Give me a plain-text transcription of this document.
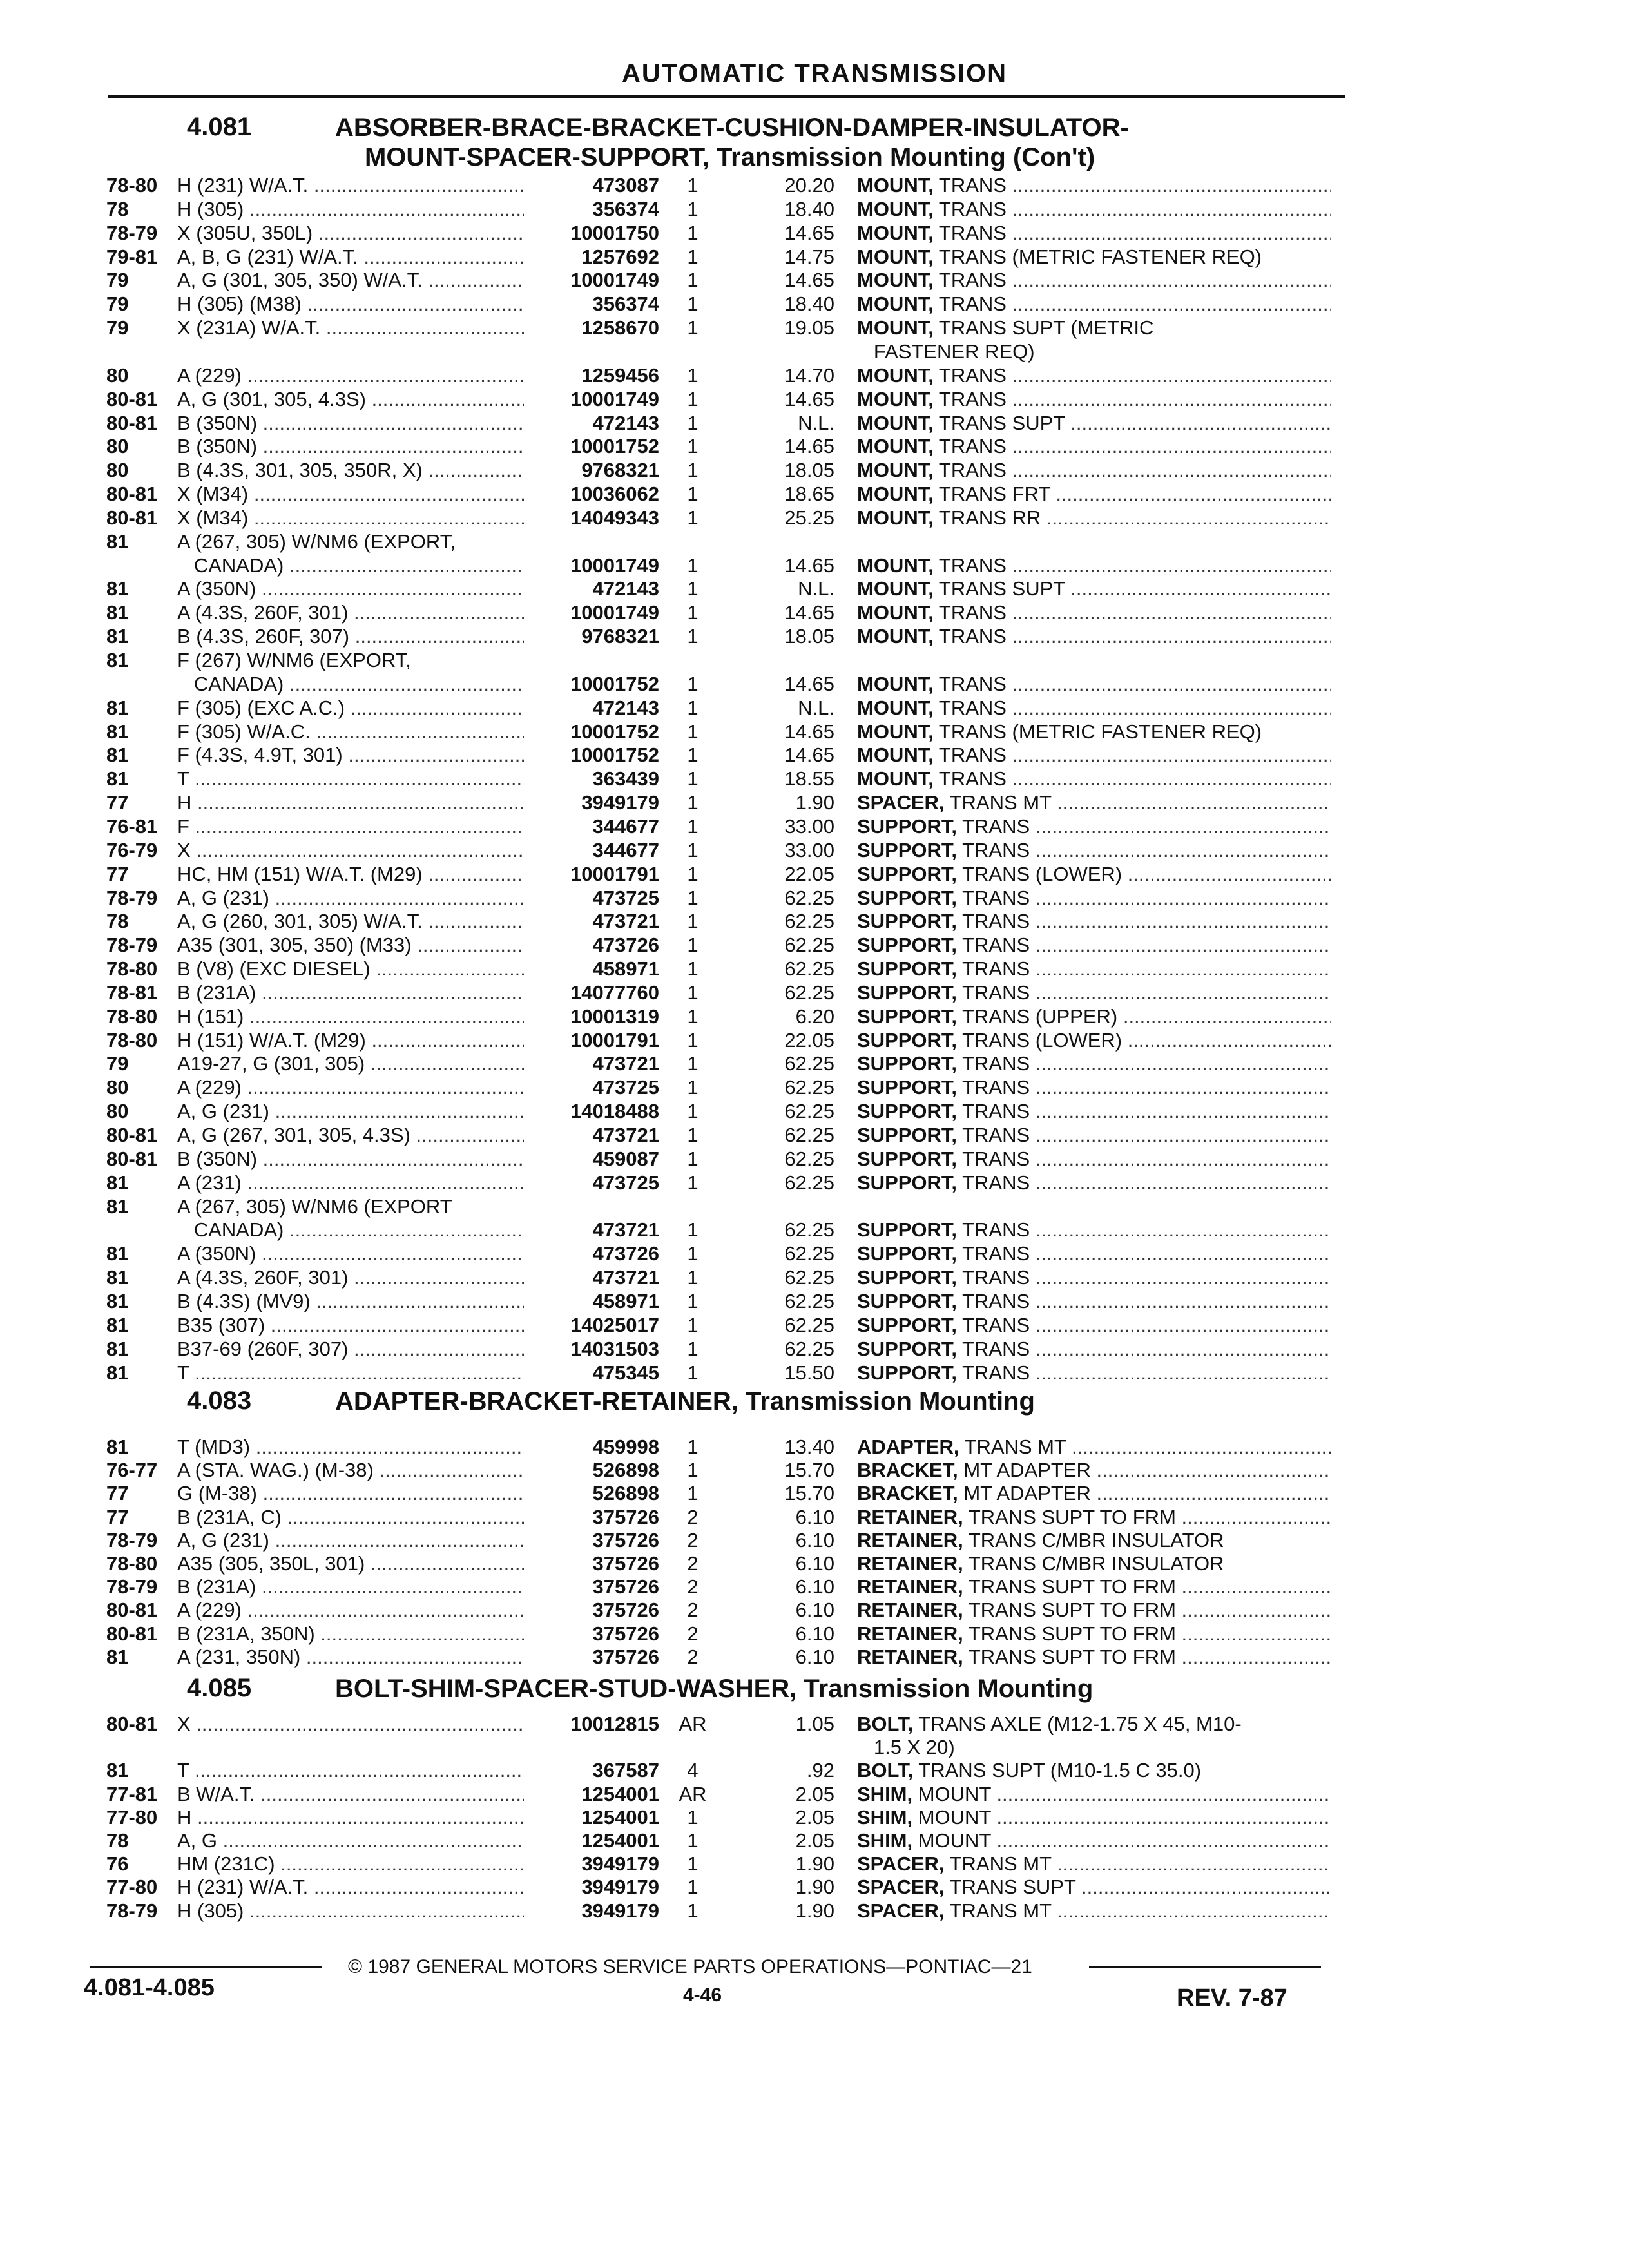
AUTOMATIC TRANSMISSION
4.081	ABSORBER-BRACE-BRACKET-CUSHION-DAMPER-INSULATOR-
MOUNT-SPACER-SUPPORT, Transmission Mounting (Con't)
78-80 H (231) W/A.T. .....	473087	1	20.20 MOUNT, TRANS .....
78	H (305) .....	356374	1	18.40 MOUNT, TRANS .....
78-79 X (305U, 350L) .....	10001750	1	14.65 MOUNT, TRANS .....
79-81 A, B, G (231) W/A.T. .....	1257692	1	14.75 MOUNT, TRANS (METRIC FASTENER REQ)
79	A, G (301, 305, 350) W/A.T. .....	10001749	1	14.65 MOUNT, TRANS .....
79	H (305) (M38) .....	356374	1	18.40 MOUNT, TRANS .....
79	X (231A) W/A.T. .....	1258670	1	19.05 MOUNT, TRANS SUPT (METRIC
FASTENER REQ)
80	A (229) .....	1259456	1	14.70 MOUNT, TRANS .....
80-81 A, G (301, 305, 4.3S) .....	10001749	1	14.65 MOUNT, TRANS .....
80-81 B (350N) .....	472143	1	N.L. MOUNT, TRANS SUPT .....
80	B (350N) .....	10001752	1	14.65 MOUNT, TRANS .....
80	B (4.3S, 301, 305, 350R, X) .....	9768321	1	18.05 MOUNT, TRANS .....
80-81 X (M34) .....	10036062	1	18.65 MOUNT, TRANS FRT .....
80-81 X (M34) .....	14049343	1	25.25 MOUNT, TRANS RR .....
81	A (267, 305) W/NM6 (EXPORT,
CANADA) .....	10001749	1	14.65 MOUNT, TRANS .....
81	A (350N) .....	472143	1	N.L. MOUNT, TRANS SUPT .....
81	A (4.3S, 260F, 301) .....	10001749	1	14.65 MOUNT, TRANS .....
81	B (4.3S, 260F, 307) .....	9768321	1	18.05 MOUNT, TRANS .....
81	F (267) W/NM6 (EXPORT,
CANADA) .....	10001752	1	14.65 MOUNT, TRANS .....
81	F (305) (EXC A.C.) .....	472143	1	N.L. MOUNT, TRANS .....
81	F (305) W/A.C. .....	10001752	1	14.65 MOUNT, TRANS (METRIC FASTENER REQ)
81	F (4.3S, 4.9T, 301) .....	10001752	1	14.65 MOUNT, TRANS .....
81	T .....	363439	1	18.55 MOUNT, TRANS .....
77	H .....	3949179	1	1.90 SPACER, TRANS MT .....
76-81 F .....	344677	1	33.00 SUPPORT, TRANS .....
76-79 X .....	344677	1	33.00 SUPPORT, TRANS .....
77	HC, HM (151) W/A.T. (M29) .....	10001791	1	22.05 SUPPORT, TRANS (LOWER) .....
78-79 A, G (231) .....	473725	1	62.25 SUPPORT, TRANS .....
78	A, G (260, 301, 305) W/A.T. .....	473721	1	62.25 SUPPORT, TRANS .....
78-79 A35 (301, 305, 350) (M33) .....	473726	1	62.25 SUPPORT, TRANS .....
78-80 B (V8) (EXC DIESEL) .....	458971	1	62.25 SUPPORT, TRANS .....
78-81 B (231A) .....	14077760	1	62.25 SUPPORT, TRANS .....
78-80 H (151) .....	10001319	1	6.20 SUPPORT, TRANS (UPPER) .....
78-80 H (151) W/A.T. (M29) .....	10001791	1	22.05 SUPPORT, TRANS (LOWER) .....
79	A19-27, G (301, 305) .....	473721	1	62.25 SUPPORT, TRANS .....
80	A (229) .....	473725	1	62.25 SUPPORT, TRANS .....
80	A, G (231) .....	14018488	1	62.25 SUPPORT, TRANS .....
80-81 A, G (267, 301, 305, 4.3S) .....	473721	1	62.25 SUPPORT, TRANS .....
80-81 B (350N) .....	459087	1	62.25 SUPPORT, TRANS .....
81	A (231) .....	473725	1	62.25 SUPPORT, TRANS .....
81	A (267, 305) W/NM6 (EXPORT
CANADA) .....	473721	1	62.25 SUPPORT, TRANS .....
81	A (350N) .....	473726	1	62.25 SUPPORT, TRANS .....
81	A (4.3S, 260F, 301) .....	473721	1	62.25 SUPPORT, TRANS .....
81	B (4.3S) (MV9) .....	458971	1	62.25 SUPPORT, TRANS .....
81	B35 (307) .....	14025017	1	62.25 SUPPORT, TRANS .....
81	B37-69 (260F, 307) .....	14031503	1	62.25 SUPPORT, TRANS .....
81	T .....	475345	1	15.50 SUPPORT, TRANS .....
4.083	ADAPTER-BRACKET-RETAINER, Transmission Mounting
81	T (MD3) .....	459998	1	13.40 ADAPTER, TRANS MT .....
76-77 A (STA. WAG.) (M-38) .....	526898	1	15.70 BRACKET, MT ADAPTER .....
77	G (M-38) .....	526898	1	15.70 BRACKET, MT ADAPTER .....
77	B (231A, C) .....	375726	2	6.10 RETAINER, TRANS SUPT TO FRM .....
78-79 A, G (231) .....	375726	2	6.10 RETAINER, TRANS C/MBR INSULATOR
78-80 A35 (305, 350L, 301) .....	375726	2	6.10 RETAINER, TRANS C/MBR INSULATOR
78-79 B (231A) .....	375726	2	6.10 RETAINER, TRANS SUPT TO FRM .....
80-81 A (229) .....	375726	2	6.10 RETAINER, TRANS SUPT TO FRM .....
80-81 B (231A, 350N) .....	375726	2	6.10 RETAINER, TRANS SUPT TO FRM .....
81	A (231, 350N) .....	375726	2	6.10 RETAINER, TRANS SUPT TO FRM .....
4.085	BOLT-SHIM-SPACER-STUD-WASHER, Transmission Mounting
80-81 X .....	10012815 AR	1.05 BOLT, TRANS AXLE (M12-1.75 X 45, M10-
1.5 X 20)
81	T .....	367587	4	.92 BOLT, TRANS SUPT (M10-1.5 C 35.0)
77-81 B W/A.T. .....	1254001 AR	2.05 SHIM, MOUNT .....
77-80 H .....	1254001	1	2.05 SHIM, MOUNT .....
78	A, G .....	1254001	1	2.05 SHIM, MOUNT .....
76	HM (231C) .....	3949179	1	1.90 SPACER, TRANS MT .....
77-80 H (231) W/A.T. .....	3949179	1	1.90 SPACER, TRANS SUPT .....
78-79 H (305) .....	3949179	1	1.90 SPACER, TRANS MT .....
© 1987 GENERAL MOTORS SERVICE PARTS OPERATIONS—PONTIAC—21
4.081-4.085	4-46	REV. 7-87
